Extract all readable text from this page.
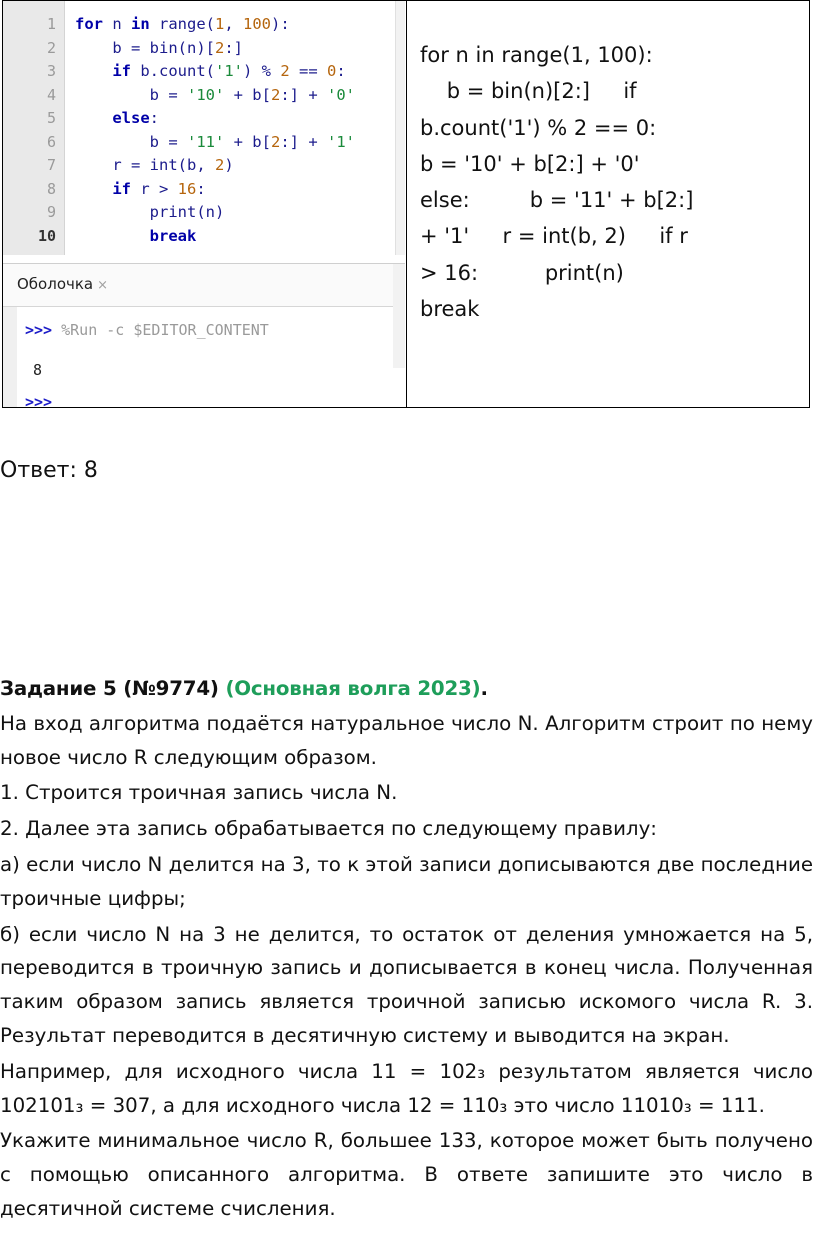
1
2
3
4
5
6
7
8
9
10
for n in range(1, 100):
b = bin(n)[2:]
if b.count('1') % 2 == 0:
b = '10' + b[2:] + '0'
else:
b = '11' + b[2:] + '1'
r = int(b, 2)
if r > 16:
print(n)
break
Оболочка ×
>>> %Run -c $EDITOR_CONTENT
8
>>>
for n in range(1, 100):
b = bin(n)[2:]     if
b.count('1') % 2 == 0:
b = '10' + b[2:] + '0'
else:         b = '11' + b[2:]
+ '1'     r = int(b, 2)     if r
> 16:          print(n)
break
Ответ: 8
Задание 5 (№9774) (Основная волга 2023).

На вход алгоритма подаётся натуральное число N. Алгоритм строит по нему новое число R следующим образом.

1. Строится троичная запись числа N.

2. Далее эта запись обрабатывается по следующему правилу:

а) если число N делится на 3, то к этой записи дописываются две последние троичные цифры;

б) если число N на 3 не делится, то остаток от деления умножается на 5, переводится в троичную запись и дописывается в конец числа. Полученная таким образом запись является троичной записью искомого числа R. 3. Результат переводится в десятичную систему и выводится на экран.

Например, для исходного числа 11 = 102₃ результатом является число 102101₃ = 307, а для исходного числа 12 = 110₃ это число 11010₃ = 111.

Укажите минимальное число R, большее 133, которое может быть получено с помощью описанного алгоритма. В ответе запишите это число в десятичной системе счисления.
